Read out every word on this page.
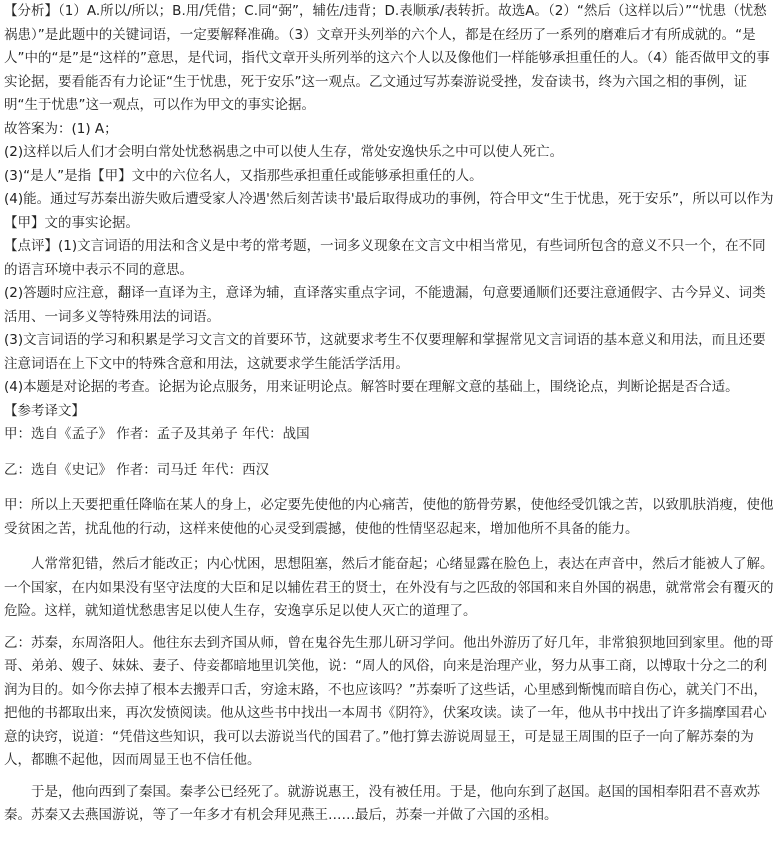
【分析】（1）A.所以/所以；B.用/凭借；C.同“弼”，辅佐/违背；D.表顺承/表转折。故选A。（2）“然后（这样以后）”“忧患（忧愁祸患）”是此题中的关键词语，一定要解释准确。（3）文章开头列举的六个人，都是在经历了一系列的磨难后才有所成就的。“是人”中的“是”是“这样的”意思，是代词，指代文章开头所列举的这六个人以及像他们一样能够承担重任的人。（4）能否做甲文的事实论据，要看能否有力论证“生于忧患，死于安乐”这一观点。乙文通过写苏秦游说受挫，发奋读书，终为六国之相的事例，证明“生于忧患”这一观点，可以作为甲文的事实论据。

故答案为：(1) A；

(2)这样以后人们才会明白常处忧愁祸患之中可以使人生存，常处安逸快乐之中可以使人死亡。

(3)“是人”是指【甲】文中的六位名人，又指那些承担重任或能够承担重任的人。

(4)能。通过写苏秦出游失败后遭受家人冷遇'然后刻苦读书'最后取得成功的事例，符合甲文“生于忧患，死于安乐”，所以可以作为【甲】文的事实论据。

【点评】(1)文言词语的用法和含义是中考的常考题，一词多义现象在文言文中相当常见，有些词所包含的意义不只一个，在不同的语言环境中表示不同的意思。

(2)答题时应注意，翻译一直译为主，意译为辅，直译落实重点字词，不能遗漏，句意要通顺们还要注意通假字、古今异义、词类活用、一词多义等特殊用法的词语。

(3)文言词语的学习和积累是学习文言文的首要环节，这就要求考生不仅要理解和掌握常见文言词语的基本意义和用法，而且还要注意词语在上下文中的特殊含意和用法，这就要求学生能活学活用。

(4)本题是对论据的考查。论据为论点服务，用来证明论点。解答时要在理解文意的基础上，围绕论点，判断论据是否合适。

【参考译文】

甲：选自《孟子》 作者：孟子及其弟子 年代：战国

乙：选自《史记》 作者：司马迁 年代：西汉

甲：所以上天要把重任降临在某人的身上，必定要先使他的内心痛苦，使他的筋骨劳累，使他经受饥饿之苦，以致肌肤消瘦，使他受贫困之苦，扰乱他的行动，这样来使他的心灵受到震撼，使他的性情坚忍起来，增加他所不具备的能力。

人常常犯错，然后才能改正；内心忧困，思想阻塞，然后才能奋起；心绪显露在脸色上，表达在声音中，然后才能被人了解。一个国家，在内如果没有坚守法度的大臣和足以辅佐君王的贤士，在外没有与之匹敌的邻国和来自外国的祸患，就常常会有覆灭的危险。这样，就知道忧愁患害足以使人生存，安逸享乐足以使人灭亡的道理了。

乙：苏秦，东周洛阳人。他往东去到齐国从师，曾在鬼谷先生那儿研习学问。他出外游历了好几年，非常狼狈地回到家里。他的哥哥、弟弟、嫂子、妹妹、妻子、侍妾都暗地里讥笑他，说：“周人的风俗，向来是治理产业，努力从事工商，以博取十分之二的利润为目的。如今你去掉了根本去搬弄口舌，穷途末路，不也应该吗？”苏秦听了这些话，心里感到惭愧而暗自伤心，就关门不出，把他的书都取出来，再次发愤阅读。他从这些书中找出一本周书《阴符》，伏案攻读。读了一年，他从书中找出了许多揣摩国君心意的诀窍，说道：“凭借这些知识，我可以去游说当代的国君了。”他打算去游说周显王，可是显王周围的臣子一向了解苏秦的为人，都瞧不起他，因而周显王也不信任他。

于是，他向西到了秦国。秦孝公已经死了。就游说惠王，没有被任用。于是，他向东到了赵国。赵国的国相奉阳君不喜欢苏秦。苏秦又去燕国游说，等了一年多才有机会拜见燕王……最后，苏秦一并做了六国的丞相。
